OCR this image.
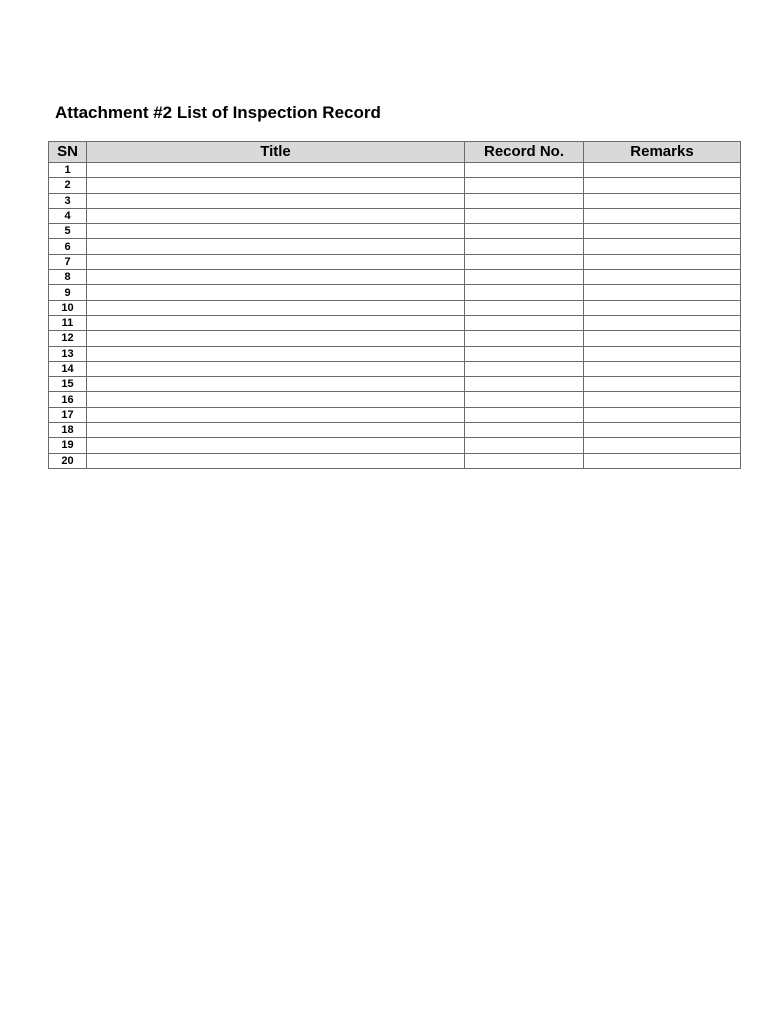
Attachment #2 List of Inspection Record
SN	Title	Record No.	Remarks
1			
2			
3			
4			
5			
6			
7			
8			
9			
10			
11			
12			
13			
14			
15			
16			
17			
18			
19			
20			
